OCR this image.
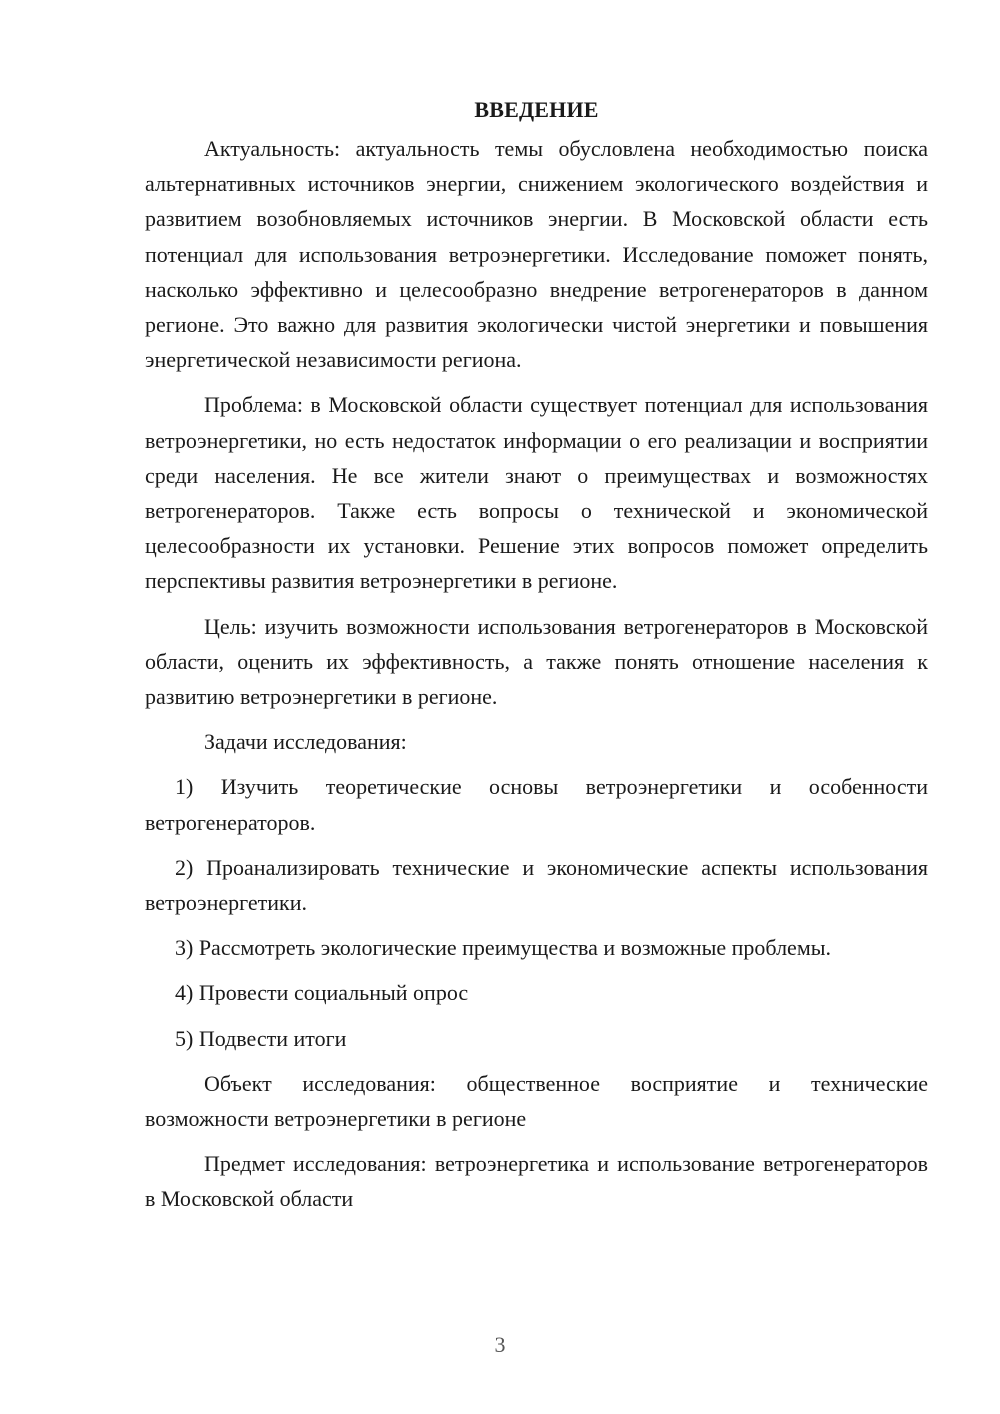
ВВЕДЕНИЕ

Актуальность: актуальность темы обусловлена необходимостью поиска альтернативных источников энергии, снижением экологического воздействия и развитием возобновляемых источников энергии. В Московской области есть потенциал для использования ветроэнергетики. Исследование поможет понять, насколько эффективно и целесообразно внедрение ветрогенераторов в данном регионе. Это важно для развития экологически чистой энергетики и повышения энергетической независимости региона.

Проблема: в Московской области существует потенциал для использования ветроэнергетики, но есть недостаток информации о его реализации и восприятии среди населения. Не все жители знают о преимуществах и возможностях ветрогенераторов. Также есть вопросы о технической и экономической целесообразности их установки. Решение этих вопросов поможет определить перспективы развития ветроэнергетики в регионе.

Цель: изучить возможности использования ветрогенераторов в Московской области, оценить их эффективность, а также понять отношение населения к развитию ветроэнергетики в регионе.

Задачи исследования:

1) Изучить теоретические основы ветроэнергетики и особенности ветрогенераторов.

2) Проанализировать технические и экономические аспекты использования ветроэнергетики.

3) Рассмотреть экологические преимущества и возможные проблемы.

4) Провести социальный опрос

5) Подвести итоги

Объект исследования: общественное восприятие и технические возможности ветроэнергетики в регионе

Предмет исследования: ветроэнергетика и использование ветрогенераторов в Московской области

3
